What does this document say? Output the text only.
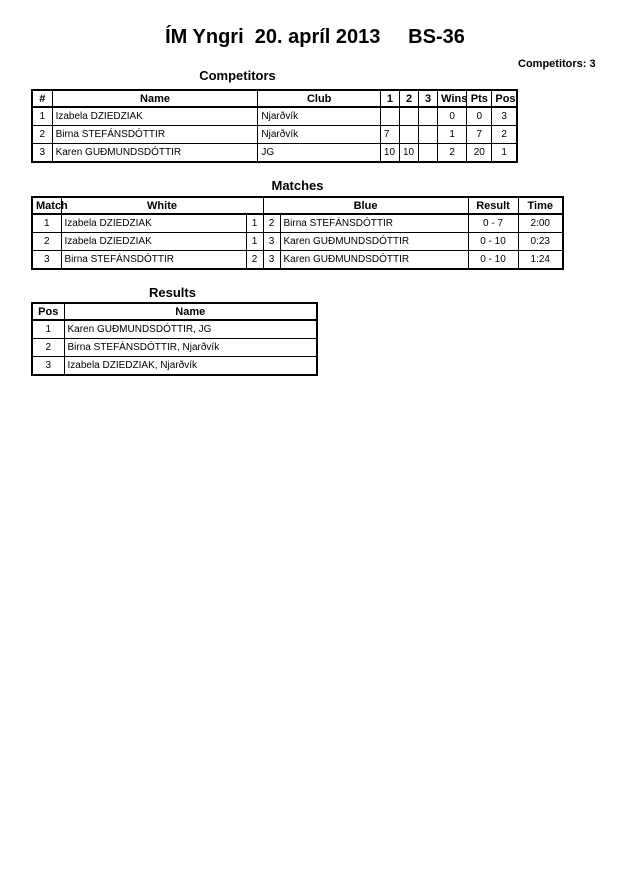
ÍM Yngri  20. apríl 2013     BS-36
Competitors: 3
Competitors
#	Name	Club	1	2	3	Wins	Pts	Pos
1	Izabela DZIEDZIAK	Njarðvík				0	0	3
2	Birna STEFÁNSDÓTTIR	Njarðvík	7			1	7	2
3	Karen GUÐMUNDSDÓTTIR	JG	10	10		2	20	1
Matches
Match	White		Blue		Result	Time
1	Izabela DZIEDZIAK	1	2	Birna STEFÁNSDÓTTIR	0 - 7	2:00
2	Izabela DZIEDZIAK	1	3	Karen GUÐMUNDSDÓTTIR	0 - 10	0:23
3	Birna STEFÁNSDÓTTIR	2	3	Karen GUÐMUNDSDÓTTIR	0 - 10	1:24
Results
Pos	Name
1	Karen GUÐMUNDSDÓTTIR, JG
2	Birna STEFÁNSDÓTTIR, Njarðvík
3	Izabela DZIEDZIAK, Njarðvík
